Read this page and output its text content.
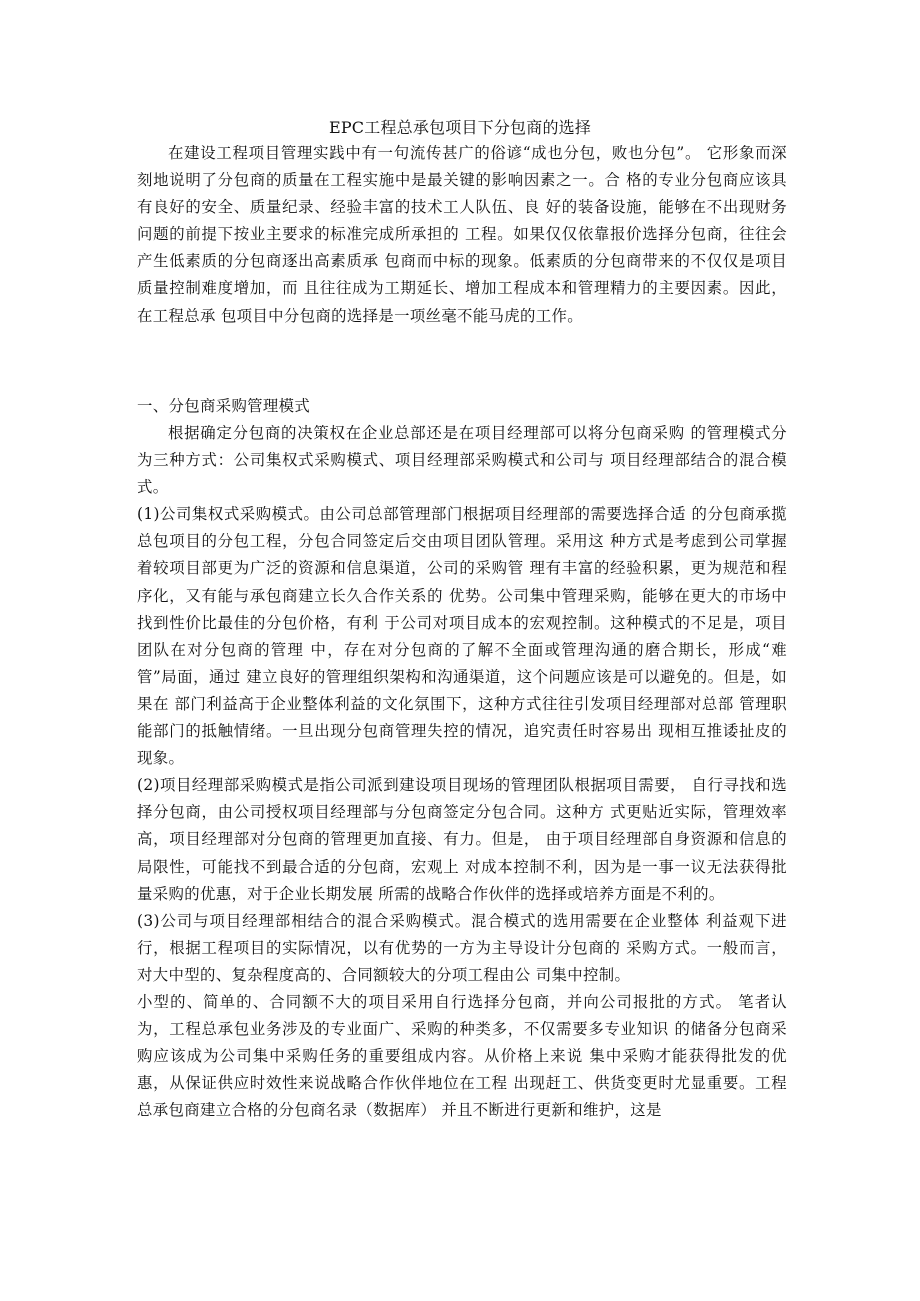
EPC工程总承包项目下分包商的选择

在建设工程项目管理实践中有一句流传甚广的俗谚“成也分包，败也分包”。 它形象而深刻地说明了分包商的质量在工程实施中是最关键的影响因素之一。合 格的专业分包商应该具有良好的安全、质量纪录、经验丰富的技术工人队伍、良 好的装备设施，能够在不出现财务问题的前提下按业主要求的标准完成所承担的 工程。如果仅仅依靠报价选择分包商，往往会产生低素质的分包商逐出高素质承 包商而中标的现象。低素质的分包商带来的不仅仅是项目质量控制难度增加，而 且往往成为工期延长、增加工程成本和管理精力的主要因素。因此，在工程总承 包项目中分包商的选择是一项丝毫不能马虎的工作。

一、分包商采购管理模式

根据确定分包商的决策权在企业总部还是在项目经理部可以将分包商采购 的管理模式分为三种方式：公司集权式采购模式、项目经理部采购模式和公司与 项目经理部结合的混合模式。

(1)公司集权式采购模式。由公司总部管理部门根据项目经理部的需要选择合适 的分包商承揽总包项目的分包工程，分包合同签定后交由项目团队管理。采用这 种方式是考虑到公司掌握着较项目部更为广泛的资源和信息渠道，公司的采购管 理有丰富的经验积累，更为规范和程序化，又有能与承包商建立长久合作关系的 优势。公司集中管理采购，能够在更大的市场中找到性价比最佳的分包价格，有利 于公司对项目成本的宏观控制。这种模式的不足是，项目团队在对分包商的管理 中，存在对分包商的了解不全面或管理沟通的磨合期长，形成“难管”局面，通过 建立良好的管理组织架构和沟通渠道，这个问题应该是可以避免的。但是，如果在 部门利益高于企业整体利益的文化氛围下，这种方式往往引发项目经理部对总部 管理职能部门的抵触情绪。一旦出现分包商管理失控的情况，追究责任时容易出 现相互推诿扯皮的现象。

(2)项目经理部采购模式是指公司派到建设项目现场的管理团队根据项目需要， 自行寻找和选择分包商，由公司授权项目经理部与分包商签定分包合同。这种方 式更贴近实际，管理效率高，项目经理部对分包商的管理更加直接、有力。但是， 由于项目经理部自身资源和信息的局限性，可能找不到最合适的分包商，宏观上 对成本控制不利，因为是一事一议无法获得批量采购的优惠，对于企业长期发展 所需的战略合作伙伴的选择或培养方面是不利的。

(3)公司与项目经理部相结合的混合采购模式。混合模式的选用需要在企业整体 利益观下进行，根据工程项目的实际情况，以有优势的一方为主导设计分包商的 采购方式。一般而言，对大中型的、复杂程度高的、合同额较大的分项工程由公 司集中控制。

小型的、简单的、合同额不大的项目采用自行选择分包商，并向公司报批的方式。 笔者认为，工程总承包业务涉及的专业面广、采购的种类多，不仅需要多专业知识 的储备分包商采购应该成为公司集中采购任务的重要组成内容。从价格上来说 集中采购才能获得批发的优惠，从保证供应时效性来说战略合作伙伴地位在工程 出现赶工、供货变更时尤显重要。工程总承包商建立合格的分包商名录（数据库） 并且不断进行更新和维护，这是
